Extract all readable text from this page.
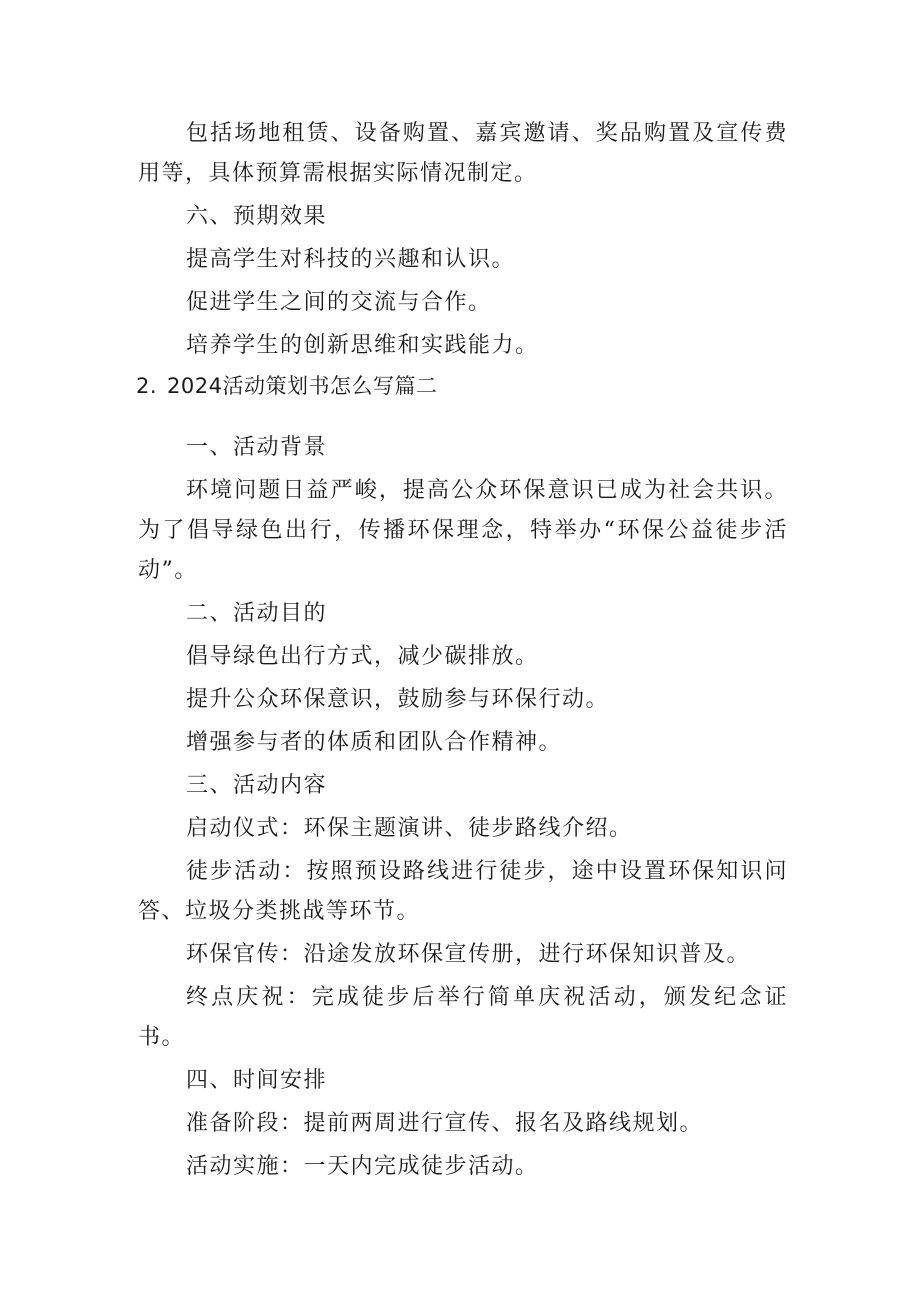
包括场地租赁、设备购置、嘉宾邀请、奖品购置及宣传费用等，具体预算需根据实际情况制定。

六、预期效果

提高学生对科技的兴趣和认识。

促进学生之间的交流与合作。

培养学生的创新思维和实践能力。

2. 2024活动策划书怎么写篇二

一、活动背景

环境问题日益严峻，提高公众环保意识已成为社会共识。为了倡导绿色出行，传播环保理念，特举办“环保公益徒步活动”。

二、活动目的

倡导绿色出行方式，减少碳排放。

提升公众环保意识，鼓励参与环保行动。

增强参与者的体质和团队合作精神。

三、活动内容

启动仪式：环保主题演讲、徒步路线介绍。

徒步活动：按照预设路线进行徒步，途中设置环保知识问答、垃圾分类挑战等环节。

环保官传：沿途发放环保宣传册，进行环保知识普及。

终点庆祝：完成徒步后举行简单庆祝活动，颁发纪念证书。

四、时间安排

准备阶段：提前两周进行宣传、报名及路线规划。

活动实施：一天内完成徒步活动。
